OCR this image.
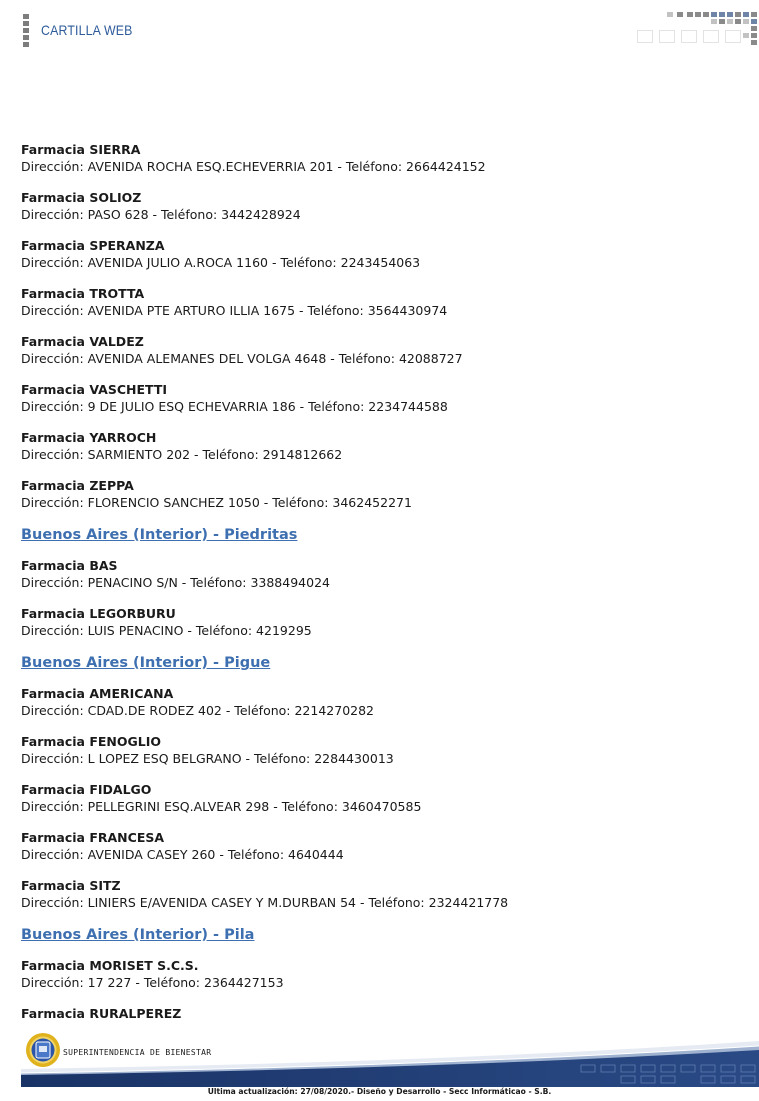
CARTILLA WEB
Farmacia SIERRA
Dirección: AVENIDA ROCHA ESQ.ECHEVERRIA 201 - Teléfono: 2664424152
Farmacia SOLIOZ
Dirección: PASO 628 - Teléfono: 3442428924
Farmacia SPERANZA
Dirección: AVENIDA JULIO A.ROCA 1160 - Teléfono: 2243454063
Farmacia TROTTA
Dirección: AVENIDA PTE ARTURO ILLIA 1675 - Teléfono: 3564430974
Farmacia VALDEZ
Dirección: AVENIDA ALEMANES DEL VOLGA 4648 - Teléfono: 42088727
Farmacia VASCHETTI
Dirección: 9 DE JULIO ESQ ECHEVARRIA 186 - Teléfono: 2234744588
Farmacia YARROCH
Dirección: SARMIENTO 202 - Teléfono: 2914812662
Farmacia ZEPPA
Dirección: FLORENCIO SANCHEZ 1050 - Teléfono: 3462452271
Buenos Aires (Interior) - Piedritas
Farmacia BAS
Dirección: PENACINO S/N - Teléfono: 3388494024
Farmacia LEGORBURU
Dirección: LUIS PENACINO - Teléfono: 4219295
Buenos Aires (Interior) - Pigue
Farmacia AMERICANA
Dirección: CDAD.DE RODEZ 402 - Teléfono: 2214270282
Farmacia FENOGLIO
Dirección: L LOPEZ ESQ BELGRANO - Teléfono: 2284430013
Farmacia FIDALGO
Dirección: PELLEGRINI ESQ.ALVEAR 298 - Teléfono: 3460470585
Farmacia FRANCESA
Dirección: AVENIDA CASEY 260 - Teléfono: 4640444
Farmacia SITZ
Dirección: LINIERS E/AVENIDA CASEY Y M.DURBAN 54 - Teléfono: 2324421778
Buenos Aires (Interior) - Pila
Farmacia MORISET S.C.S.
Dirección: 17 227 - Teléfono: 2364427153
Farmacia RURALPEREZ
SUPERINTENDENCIA DE BIENESTAR
Ultima actualización: 27/08/2020.- Diseño y Desarrollo - Secc Informáticao - S.B.
